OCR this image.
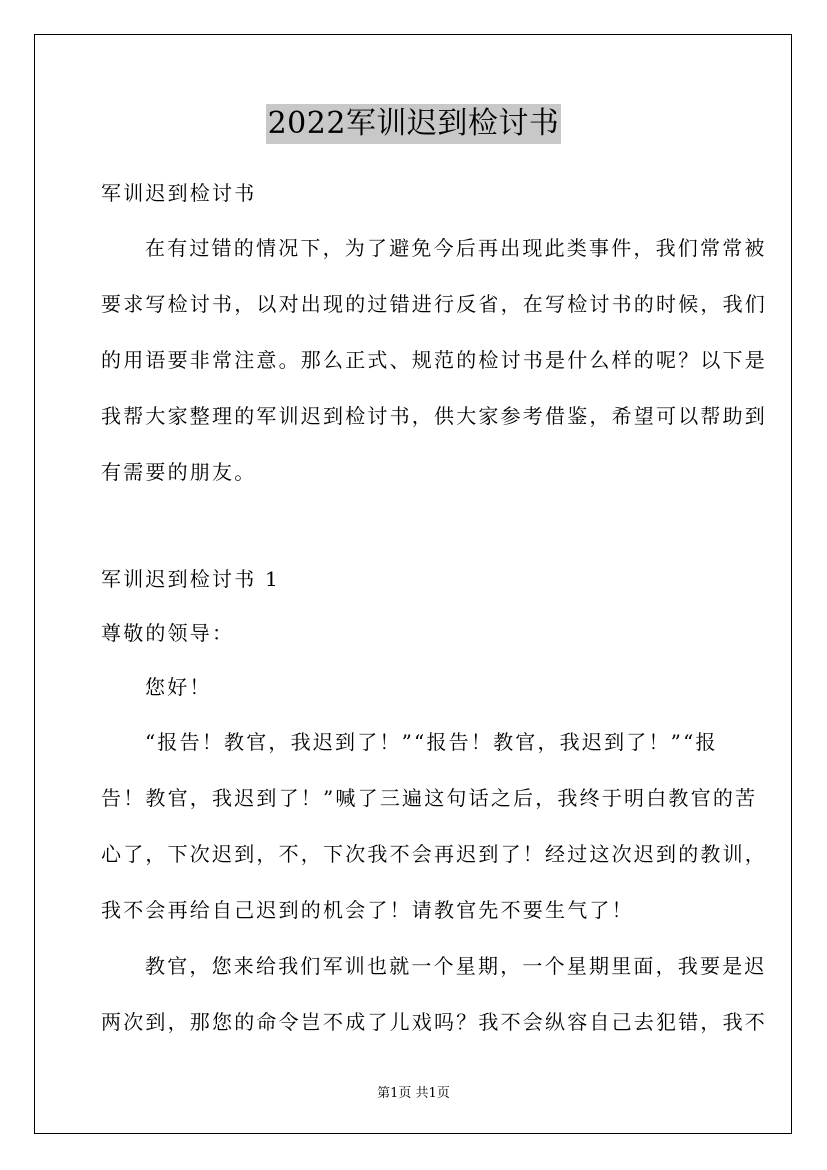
2022军训迟到检讨书
军训迟到检讨书
在有过错的情况下，为了避免今后再出现此类事件，我们常常被
要求写检讨书，以对出现的过错进行反省，在写检讨书的时候，我们
的用语要非常注意。那么正式、规范的检讨书是什么样的呢？以下是
我帮大家整理的军训迟到检讨书，供大家参考借鉴，希望可以帮助到
有需要的朋友。
军训迟到检讨书 1
尊敬的领导：
您好！
“报告！教官，我迟到了！”“报告！教官，我迟到了！”“报
告！教官，我迟到了！”喊了三遍这句话之后，我终于明白教官的苦
心了，下次迟到，不，下次我不会再迟到了！经过这次迟到的教训，
我不会再给自己迟到的机会了！请教官先不要生气了！
教官，您来给我们军训也就一个星期，一个星期里面，我要是迟
两次到，那您的命令岂不成了儿戏吗？我不会纵容自己去犯错，我不
第1页 共1页
